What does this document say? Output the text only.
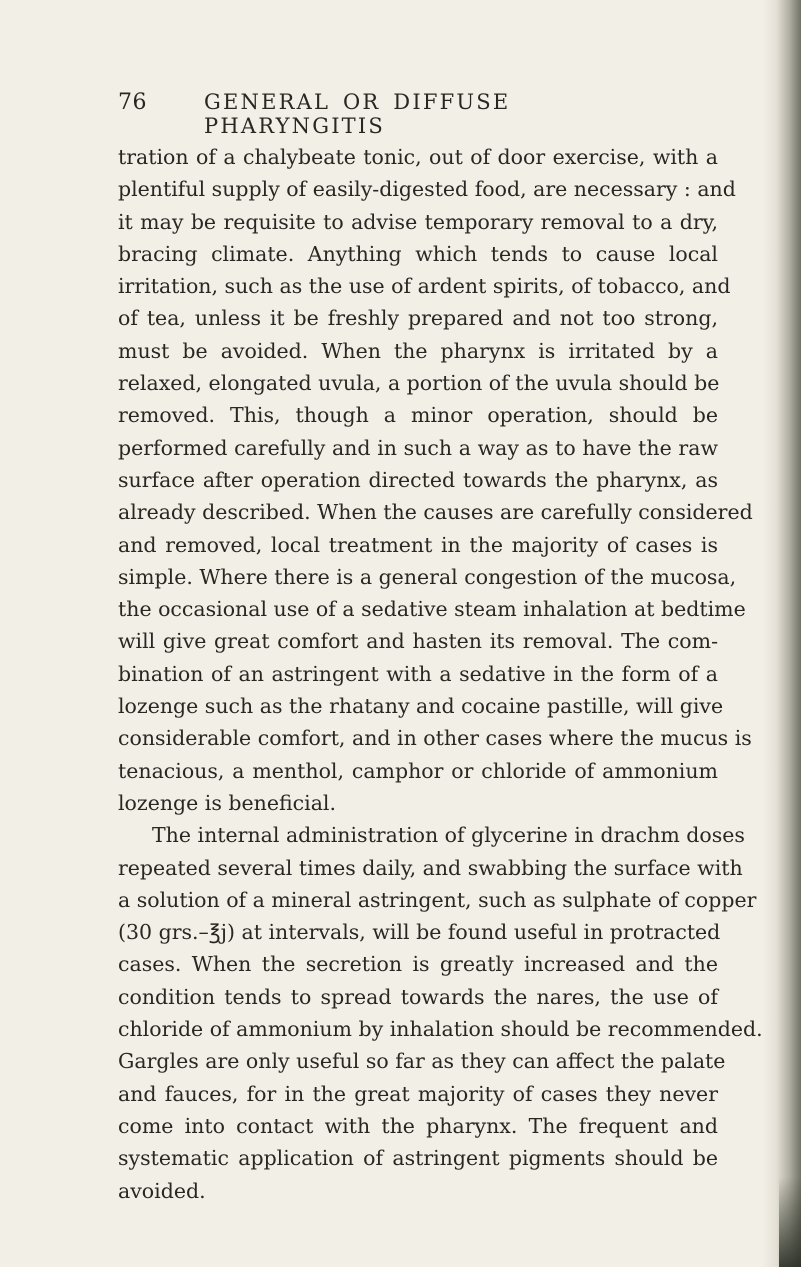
76	GENERAL OR DIFFUSE PHARYNGITIS
tration of a chalybeate tonic, out of door exercise, with a
plentiful supply of easily-digested food, are necessary : and
it may be requisite to advise temporary removal to a dry,
bracing climate. Anything which tends to cause local
irritation, such as the use of ardent spirits, of tobacco, and
of tea, unless it be freshly prepared and not too strong,
must be avoided. When the pharynx is irritated by a
relaxed, elongated uvula, a portion of the uvula should be
removed. This, though a minor operation, should be
performed carefully and in such a way as to have the raw
surface after operation directed towards the pharynx, as
already described. When the causes are carefully considered
and removed, local treatment in the majority of cases is
simple. Where there is a general congestion of the mucosa,
the occasional use of a sedative steam inhalation at bedtime
will give great comfort and hasten its removal. The com-
bination of an astringent with a sedative in the form of a
lozenge such as the rhatany and cocaine pastille, will give
considerable comfort, and in other cases where the mucus is
tenacious, a menthol, camphor or chloride of ammonium
lozenge is beneficial.
The internal administration of glycerine in drachm doses
repeated several times daily, and swabbing the surface with
a solution of a mineral astringent, such as sulphate of copper
(30 grs.–℥j) at intervals, will be found useful in protracted
cases. When the secretion is greatly increased and the
condition tends to spread towards the nares, the use of
chloride of ammonium by inhalation should be recommended.
Gargles are only useful so far as they can affect the palate
and fauces, for in the great majority of cases they never
come into contact with the pharynx. The frequent and
systematic application of astringent pigments should be
avoided.
